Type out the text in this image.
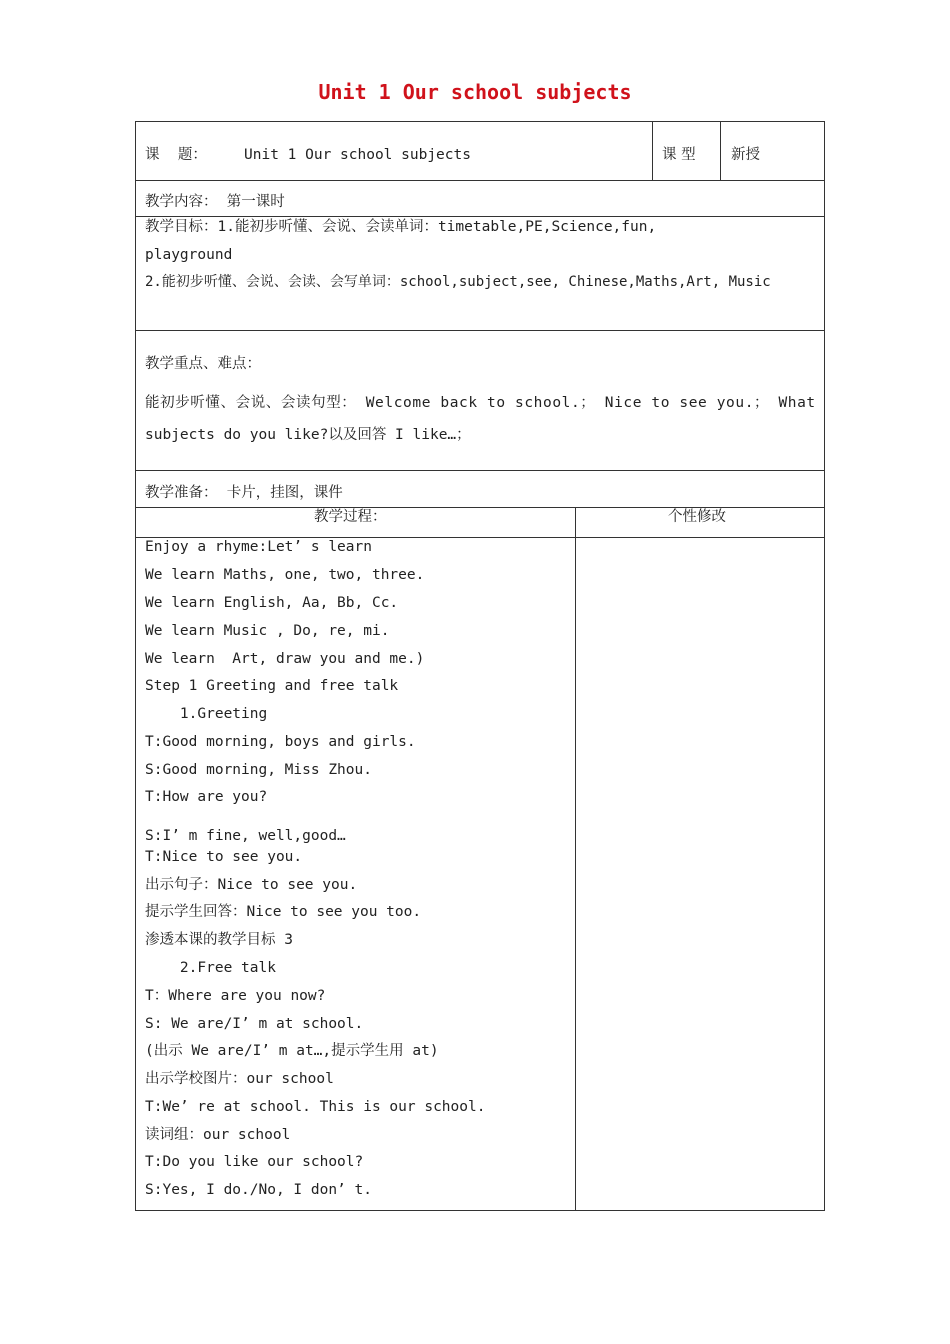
Unit 1 Our school subjects
课    题：	Unit 1 Our school subjects	课 型 新授
教学内容：  第一课时
教学目标：1.能初步听懂、会说、会读单词：timetable,PE,Science,fun,
playground
2.能初步听懂、会说、会读、会写单词：school,subject,see, Chinese,Maths,Art, Music
教学重点、难点：
能初步听懂、会说、会读句型： Welcome back to school.； Nice to see you.； What
subjects do you like?以及回答 I like…；
教学准备：  卡片，挂图，课件
教学过程：	个性修改
Enjoy a rhyme:Let’ s learn
We learn Maths, one, two, three.
We learn English, Aa, Bb, Cc.
We learn Music , Do, re, mi.
We learn  Art, draw you and me.)
Step 1 Greeting and free talk
1.Greeting
T:Good morning, boys and girls.
S:Good morning, Miss Zhou.
T:How are you?
S:I’ m fine, well,good…
T:Nice to see you.
出示句子：Nice to see you.
提示学生回答：Nice to see you too.
渗透本课的教学目标 3
2.Free talk
T：Where are you now?
S: We are/I’ m at school.
(出示 We are/I’ m at…,提示学生用 at)
出示学校图片：our school
T:We’ re at school. This is our school.
读词组：our school
T:Do you like our school?
S:Yes, I do./No, I don’ t.
